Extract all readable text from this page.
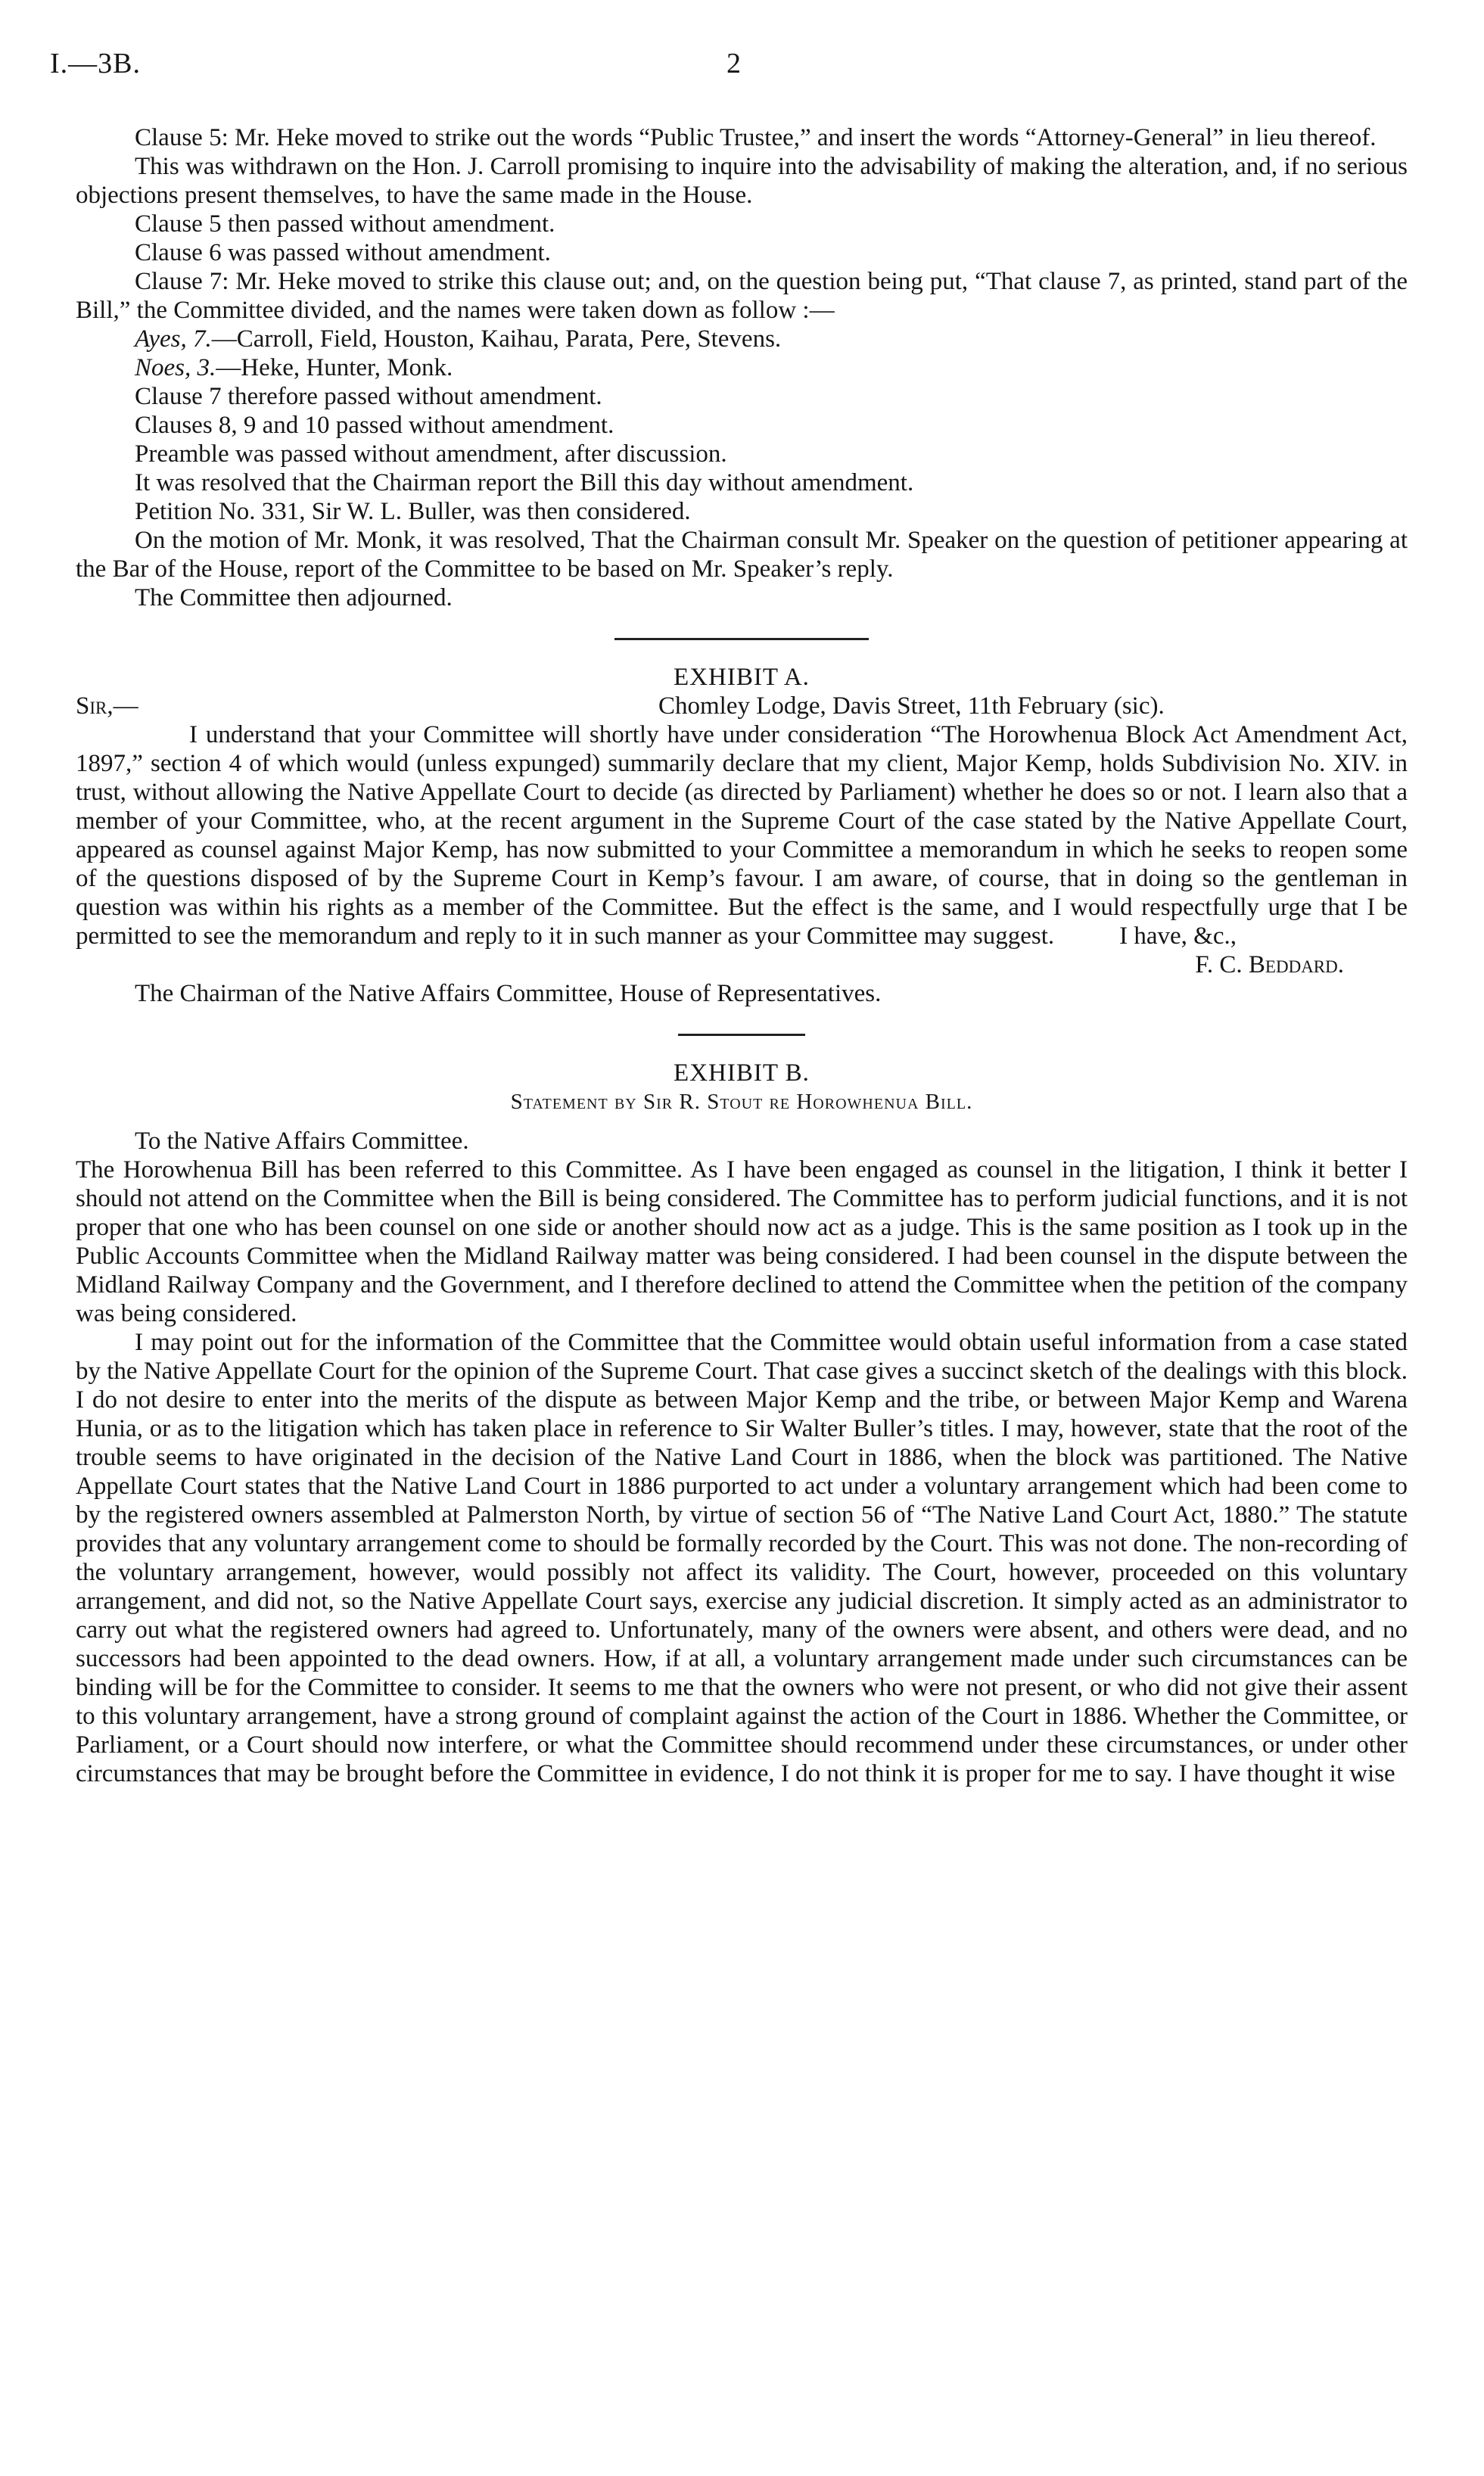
I.—3B.	2

Clause 5: Mr. Heke moved to strike out the words “Public Trustee,” and insert the words “Attorney-General” in lieu thereof.

This was withdrawn on the Hon. J. Carroll promising to inquire into the advisability of making the alteration, and, if no serious objections present themselves, to have the same made in the House.

Clause 5 then passed without amendment.

Clause 6 was passed without amendment.

Clause 7: Mr. Heke moved to strike this clause out; and, on the question being put, “That clause 7, as printed, stand part of the Bill,” the Committee divided, and the names were taken down as follow :—

Ayes, 7.—Carroll, Field, Houston, Kaihau, Parata, Pere, Stevens.

Noes, 3.—Heke, Hunter, Monk.

Clause 7 therefore passed without amendment.

Clauses 8, 9 and 10 passed without amendment.

Preamble was passed without amendment, after discussion.

It was resolved that the Chairman report the Bill this day without amendment.

Petition No. 331, Sir W. L. Buller, was then considered.

On the motion of Mr. Monk, it was resolved, That the Chairman consult Mr. Speaker on the question of petitioner appearing at the Bar of the House, report of the Committee to be based on Mr. Speaker’s reply.

The Committee then adjourned.

EXHIBIT A.

Sir,—	Chomley Lodge, Davis Street, 11th February (sic).

I understand that your Committee will shortly have under consideration “The Horowhenua Block Act Amendment Act, 1897,” section 4 of which would (unless expunged) summarily declare that my client, Major Kemp, holds Subdivision No. XIV. in trust, without allowing the Native Appellate Court to decide (as directed by Parliament) whether he does so or not. I learn also that a member of your Committee, who, at the recent argument in the Supreme Court of the case stated by the Native Appellate Court, appeared as counsel against Major Kemp, has now submitted to your Committee a memorandum in which he seeks to reopen some of the questions disposed of by the Supreme Court in Kemp’s favour. I am aware, of course, that in doing so the gentleman in question was within his rights as a member of the Committee. But the effect is the same, and I would respectfully urge that I be permitted to see the memorandum and reply to it in such manner as your Committee may suggest.	I have, &c.,

F. C. Beddard.

The Chairman of the Native Affairs Committee, House of Representatives.

EXHIBIT B.

Statement by Sir R. Stout re Horowhenua Bill.

To the Native Affairs Committee.

The Horowhenua Bill has been referred to this Committee. As I have been engaged as counsel in the litigation, I think it better I should not attend on the Committee when the Bill is being considered. The Committee has to perform judicial functions, and it is not proper that one who has been counsel on one side or another should now act as a judge. This is the same position as I took up in the Public Accounts Committee when the Midland Railway matter was being considered. I had been counsel in the dispute between the Midland Railway Company and the Government, and I therefore declined to attend the Committee when the petition of the company was being considered.

I may point out for the information of the Committee that the Committee would obtain useful information from a case stated by the Native Appellate Court for the opinion of the Supreme Court. That case gives a succinct sketch of the dealings with this block. I do not desire to enter into the merits of the dispute as between Major Kemp and the tribe, or between Major Kemp and Warena Hunia, or as to the litigation which has taken place in reference to Sir Walter Buller’s titles. I may, however, state that the root of the trouble seems to have originated in the decision of the Native Land Court in 1886, when the block was partitioned. The Native Appellate Court states that the Native Land Court in 1886 purported to act under a voluntary arrangement which had been come to by the registered owners assembled at Palmerston North, by virtue of section 56 of “The Native Land Court Act, 1880.” The statute provides that any voluntary arrangement come to should be formally recorded by the Court. This was not done. The non-recording of the voluntary arrangement, however, would possibly not affect its validity. The Court, however, proceeded on this voluntary arrangement, and did not, so the Native Appellate Court says, exercise any judicial discretion. It simply acted as an administrator to carry out what the registered owners had agreed to. Unfortunately, many of the owners were absent, and others were dead, and no successors had been appointed to the dead owners. How, if at all, a voluntary arrangement made under such circumstances can be binding will be for the Committee to consider. It seems to me that the owners who were not present, or who did not give their assent to this voluntary arrangement, have a strong ground of complaint against the action of the Court in 1886. Whether the Committee, or Parliament, or a Court should now interfere, or what the Committee should recommend under these circumstances, or under other circumstances that may be brought before the Committee in evidence, I do not think it is proper for me to say. I have thought it wise
